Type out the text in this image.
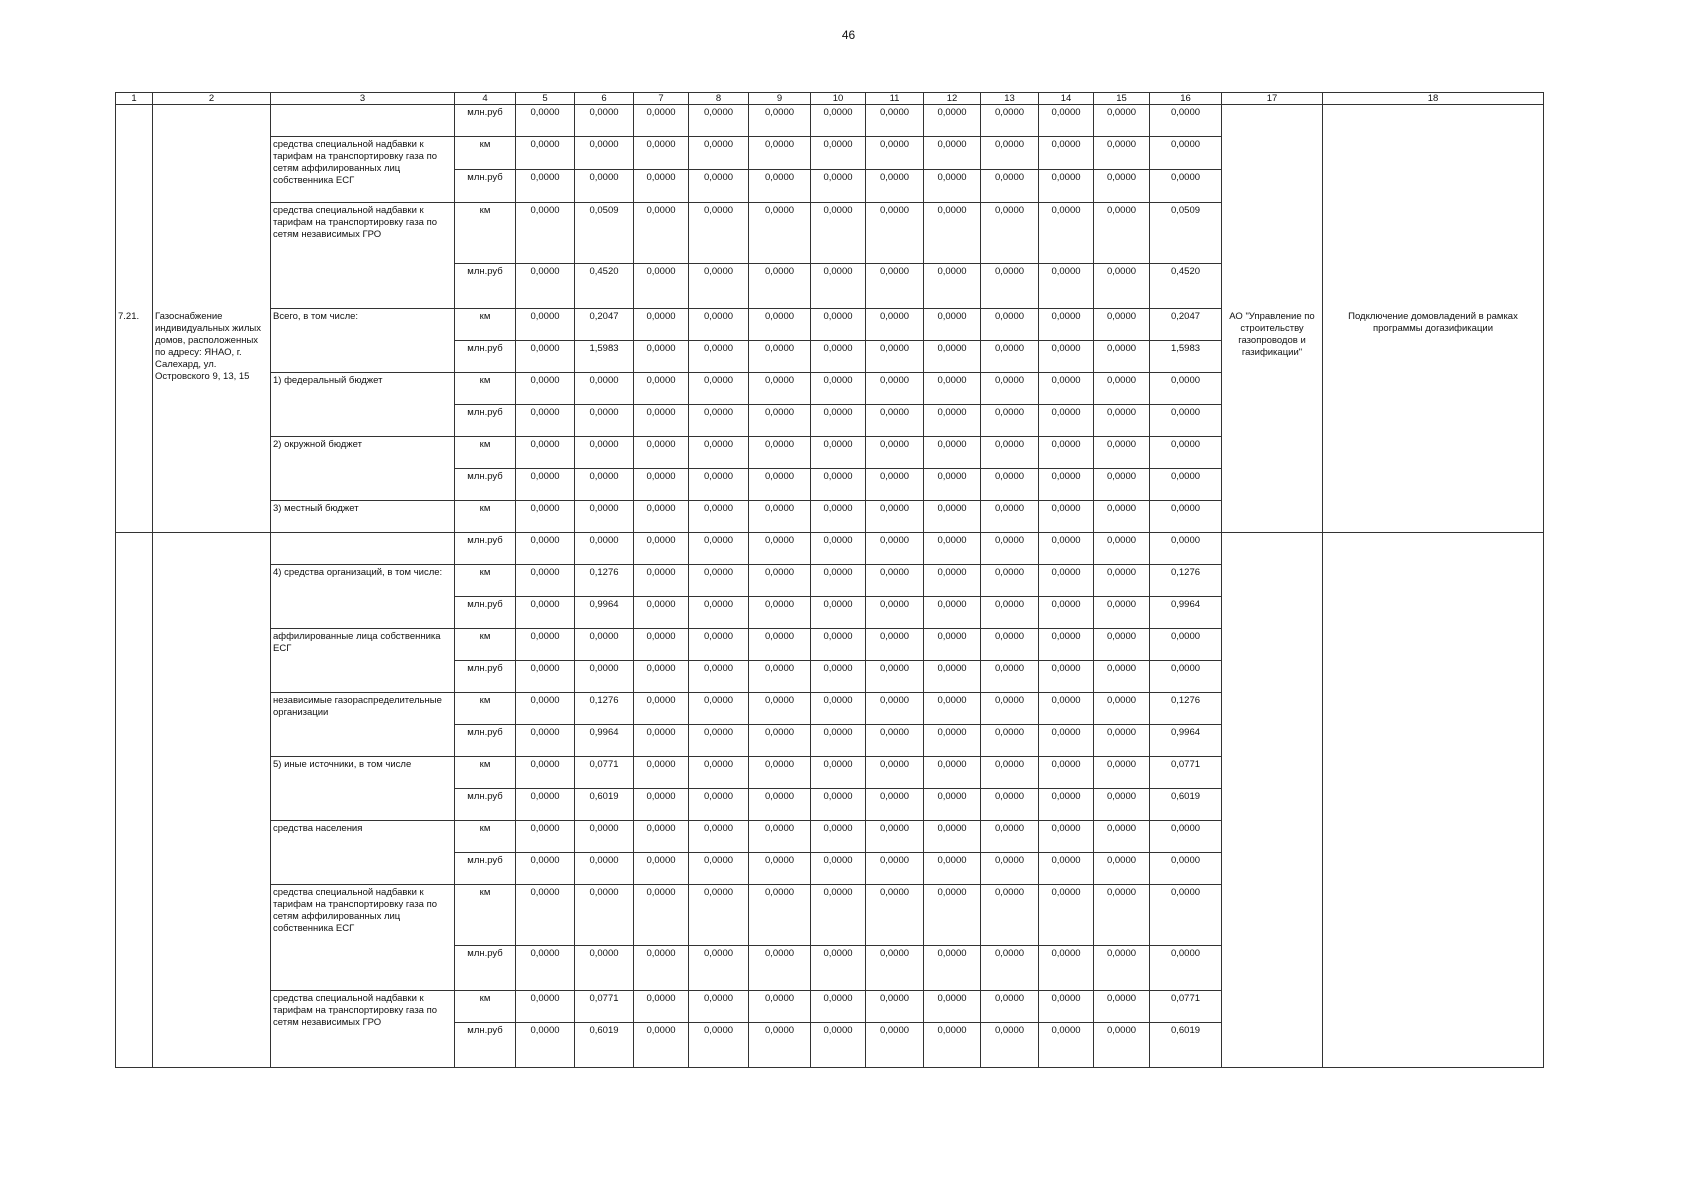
46
1	2	3	4	5	6	7	8	9	10	11	12	13	14	15	16	17	18
			млн.руб	0,0000	0,0000	0,0000	0,0000	0,0000	0,0000	0,0000	0,0000	0,0000	0,0000	0,0000	0,0000		
		средства специальной надбавки к тарифам на транспортировку газа по сетям аффилированных лиц собственника ЕСГ	км	0,0000	0,0000	0,0000	0,0000	0,0000	0,0000	0,0000	0,0000	0,0000	0,0000	0,0000	0,0000		
			млн.руб	0,0000	0,0000	0,0000	0,0000	0,0000	0,0000	0,0000	0,0000	0,0000	0,0000	0,0000	0,0000		
		средства специальной надбавки к тарифам на транспортировку газа по сетям независимых ГРО	км	0,0000	0,0509	0,0000	0,0000	0,0000	0,0000	0,0000	0,0000	0,0000	0,0000	0,0000	0,0509		
			млн.руб	0,0000	0,4520	0,0000	0,0000	0,0000	0,0000	0,0000	0,0000	0,0000	0,0000	0,0000	0,4520		
7.21.	Газоснабжение индивидуальных жилых домов, расположенных по адресу: ЯНАО, г. Салехард, ул. Островского 9, 13, 15	Всего, в том числе:	км	0,0000	0,2047	0,0000	0,0000	0,0000	0,0000	0,0000	0,0000	0,0000	0,0000	0,0000	0,2047	АО "Управление по строительству газопроводов и газификации"	Подключение домовладений в рамках программы догазификации
			млн.руб	0,0000	1,5983	0,0000	0,0000	0,0000	0,0000	0,0000	0,0000	0,0000	0,0000	0,0000	1,5983		
		1) федеральный бюджет	км	0,0000	0,0000	0,0000	0,0000	0,0000	0,0000	0,0000	0,0000	0,0000	0,0000	0,0000	0,0000		
			млн.руб	0,0000	0,0000	0,0000	0,0000	0,0000	0,0000	0,0000	0,0000	0,0000	0,0000	0,0000	0,0000		
		2) окружной бюджет	км	0,0000	0,0000	0,0000	0,0000	0,0000	0,0000	0,0000	0,0000	0,0000	0,0000	0,0000	0,0000		
			млн.руб	0,0000	0,0000	0,0000	0,0000	0,0000	0,0000	0,0000	0,0000	0,0000	0,0000	0,0000	0,0000		
		3) местный бюджет	км	0,0000	0,0000	0,0000	0,0000	0,0000	0,0000	0,0000	0,0000	0,0000	0,0000	0,0000	0,0000		
			млн.руб	0,0000	0,0000	0,0000	0,0000	0,0000	0,0000	0,0000	0,0000	0,0000	0,0000	0,0000	0,0000		
		4) средства организаций, в том числе:	км	0,0000	0,1276	0,0000	0,0000	0,0000	0,0000	0,0000	0,0000	0,0000	0,0000	0,0000	0,1276		
			млн.руб	0,0000	0,9964	0,0000	0,0000	0,0000	0,0000	0,0000	0,0000	0,0000	0,0000	0,0000	0,9964		
		аффилированные лица собственника ЕСГ	км	0,0000	0,0000	0,0000	0,0000	0,0000	0,0000	0,0000	0,0000	0,0000	0,0000	0,0000	0,0000		
			млн.руб	0,0000	0,0000	0,0000	0,0000	0,0000	0,0000	0,0000	0,0000	0,0000	0,0000	0,0000	0,0000		
		независимые газораспределительные организации	км	0,0000	0,1276	0,0000	0,0000	0,0000	0,0000	0,0000	0,0000	0,0000	0,0000	0,0000	0,1276		
			млн.руб	0,0000	0,9964	0,0000	0,0000	0,0000	0,0000	0,0000	0,0000	0,0000	0,0000	0,0000	0,9964		
		5) иные источники, в том числе	км	0,0000	0,0771	0,0000	0,0000	0,0000	0,0000	0,0000	0,0000	0,0000	0,0000	0,0000	0,0771		
			млн.руб	0,0000	0,6019	0,0000	0,0000	0,0000	0,0000	0,0000	0,0000	0,0000	0,0000	0,0000	0,6019		
		средства населения	км	0,0000	0,0000	0,0000	0,0000	0,0000	0,0000	0,0000	0,0000	0,0000	0,0000	0,0000	0,0000		
			млн.руб	0,0000	0,0000	0,0000	0,0000	0,0000	0,0000	0,0000	0,0000	0,0000	0,0000	0,0000	0,0000		
		средства специальной надбавки к тарифам на транспортировку газа по сетям аффилированных лиц собственника ЕСГ	км	0,0000	0,0000	0,0000	0,0000	0,0000	0,0000	0,0000	0,0000	0,0000	0,0000	0,0000	0,0000		
			млн.руб	0,0000	0,0000	0,0000	0,0000	0,0000	0,0000	0,0000	0,0000	0,0000	0,0000	0,0000	0,0000		
		средства специальной надбавки к тарифам на транспортировку газа по сетям независимых ГРО	км	0,0000	0,0771	0,0000	0,0000	0,0000	0,0000	0,0000	0,0000	0,0000	0,0000	0,0000	0,0771		
			млн.руб	0,0000	0,6019	0,0000	0,0000	0,0000	0,0000	0,0000	0,0000	0,0000	0,0000	0,0000	0,6019		
